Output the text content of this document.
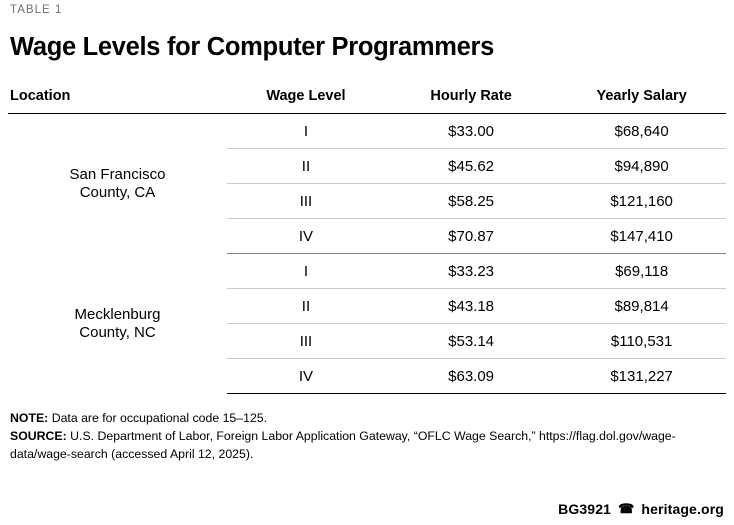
TABLE 1
Wage Levels for Computer Programmers
Location	Wage Level	Hourly Rate	Yearly Salary
San Francisco
County, CA	I	$33.00	$68,640
	II	$45.62	$94,890
	III	$58.25	$121,160
	IV	$70.87	$147,410
Mecklenburg
County, NC	I	$33.23	$69,118
	II	$43.18	$89,814
	III	$53.14	$110,531
	IV	$63.09	$131,227
NOTE: Data are for occupational code 15–125.
SOURCE: U.S. Department of Labor, Foreign Labor Application Gateway, “OFLC Wage Search,” https://flag.dol.gov/wage-data/wage-search (accessed April 12, 2025).
BG3921 ☎ heritage.org
